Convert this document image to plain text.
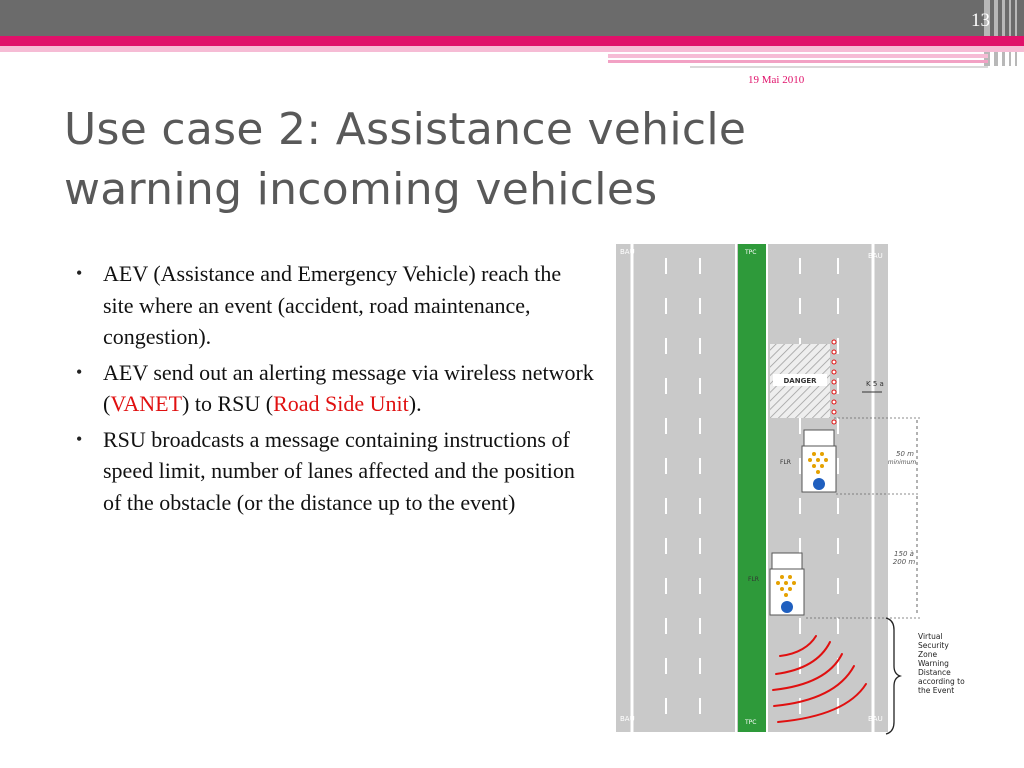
13
19 Mai 2010
Use case 2: Assistance vehicle
warning incoming vehicles
• AEV (Assistance and Emergency Vehicle) reach the site where an event (accident, road maintenance, congestion).
• AEV send out an alerting message via wireless network (VANET) to RSU (Road Side Unit).
• RSU broadcasts a message containing instructions of speed limit, number of lanes affected and the position of the obstacle (or the distance up to the event)
BAU	BAU
BAU	BAU
TPC
TPC
DANGER	K 5 a
FLR
FLR
50 m
minimum
150 à
200 m
Virtual
Security
Zone
Warning
Distance
according to
the Event
